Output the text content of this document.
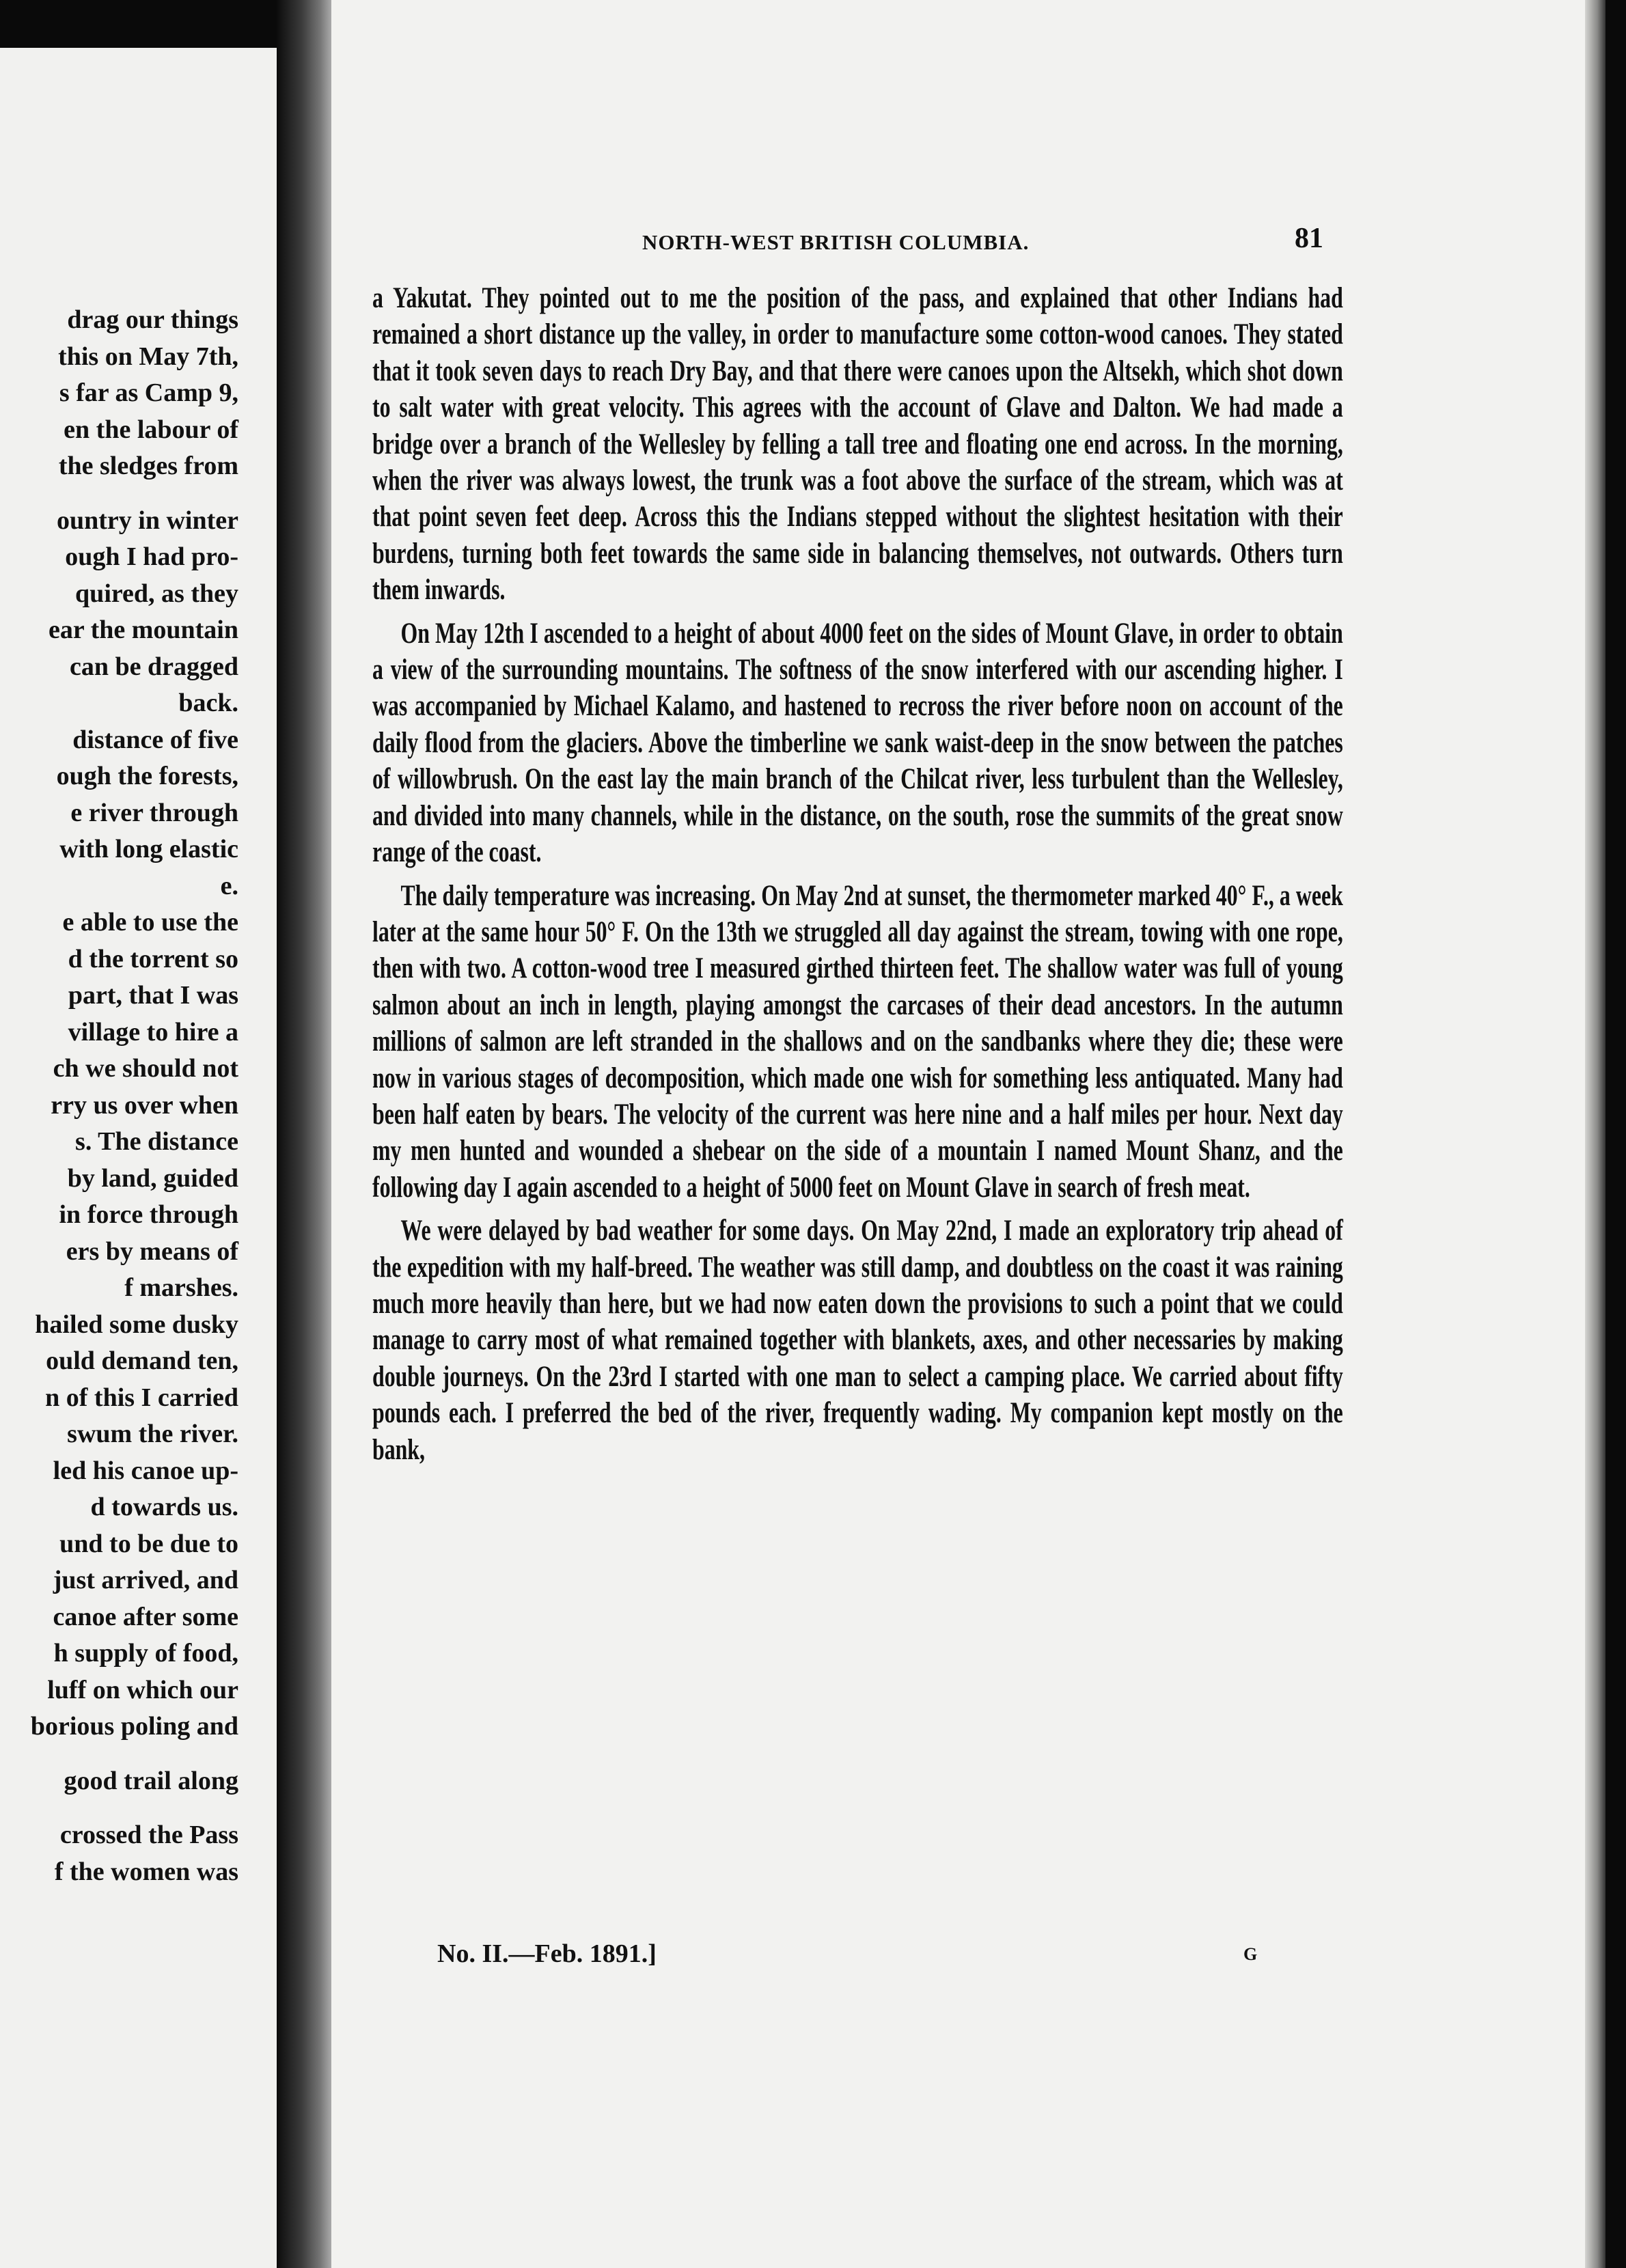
drag our things
this on May 7th,
s far as Camp 9,
en the labour of
the sledges from
ountry in winter
ough I had pro-
quired, as they
ear the mountain
can be dragged
back.
distance of five
ough the forests,
e river through
with long elastic
e.
e able to use the
d the torrent so
part, that I was
village to hire a
ch we should not
rry us over when
s. The distance
by land, guided
in force through
ers by means of
f marshes.
hailed some dusky
ould demand ten,
n of this I carried
swum the river.
led his canoe up-
d towards us.
und to be due to
just arrived, and
canoe after some
h supply of food,
luff on which our
borious poling and
good trail along
crossed the Pass
f the women was
NORTH-WEST BRITISH COLUMBIA.	81

a Yakutat. They pointed out to me the position of the pass, and explained that other Indians had remained a short distance up the valley, in order to manufacture some cotton-wood canoes. They stated that it took seven days to reach Dry Bay, and that there were canoes upon the Altsekh, which shot down to salt water with great velocity. This agrees with the account of Glave and Dalton. We had made a bridge over a branch of the Wellesley by felling a tall tree and floating one end across. In the morning, when the river was always lowest, the trunk was a foot above the surface of the stream, which was at that point seven feet deep. Across this the Indians stepped without the slightest hesitation with their burdens, turning both feet towards the same side in balancing themselves, not outwards. Others turn them inwards.

On May 12th I ascended to a height of about 4000 feet on the sides of Mount Glave, in order to obtain a view of the surrounding mountains. The softness of the snow interfered with our ascending higher. I was accompanied by Michael Kalamo, and hastened to recross the river before noon on account of the daily flood from the glaciers. Above the timberline we sank waist-deep in the snow between the patches of willowbrush. On the east lay the main branch of the Chilcat river, less turbulent than the Wellesley, and divided into many channels, while in the distance, on the south, rose the summits of the great snow range of the coast.

The daily temperature was increasing. On May 2nd at sunset, the thermometer marked 40° F., a week later at the same hour 50° F. On the 13th we struggled all day against the stream, towing with one rope, then with two. A cotton-wood tree I measured girthed thirteen feet. The shallow water was full of young salmon about an inch in length, playing amongst the carcases of their dead ancestors. In the autumn millions of salmon are left stranded in the shallows and on the sandbanks where they die; these were now in various stages of decomposition, which made one wish for something less antiquated. Many had been half eaten by bears. The velocity of the current was here nine and a half miles per hour. Next day my men hunted and wounded a shebear on the side of a mountain I named Mount Shanz, and the following day I again ascended to a height of 5000 feet on Mount Glave in search of fresh meat.

We were delayed by bad weather for some days. On May 22nd, I made an exploratory trip ahead of the expedition with my half-breed. The weather was still damp, and doubtless on the coast it was raining much more heavily than here, but we had now eaten down the provisions to such a point that we could manage to carry most of what remained together with blankets, axes, and other necessaries by making double journeys. On the 23rd I started with one man to select a camping place. We carried about fifty pounds each. I preferred the bed of the river, frequently wading. My companion kept mostly on the bank,

No. II.—Feb. 1891.]	G
